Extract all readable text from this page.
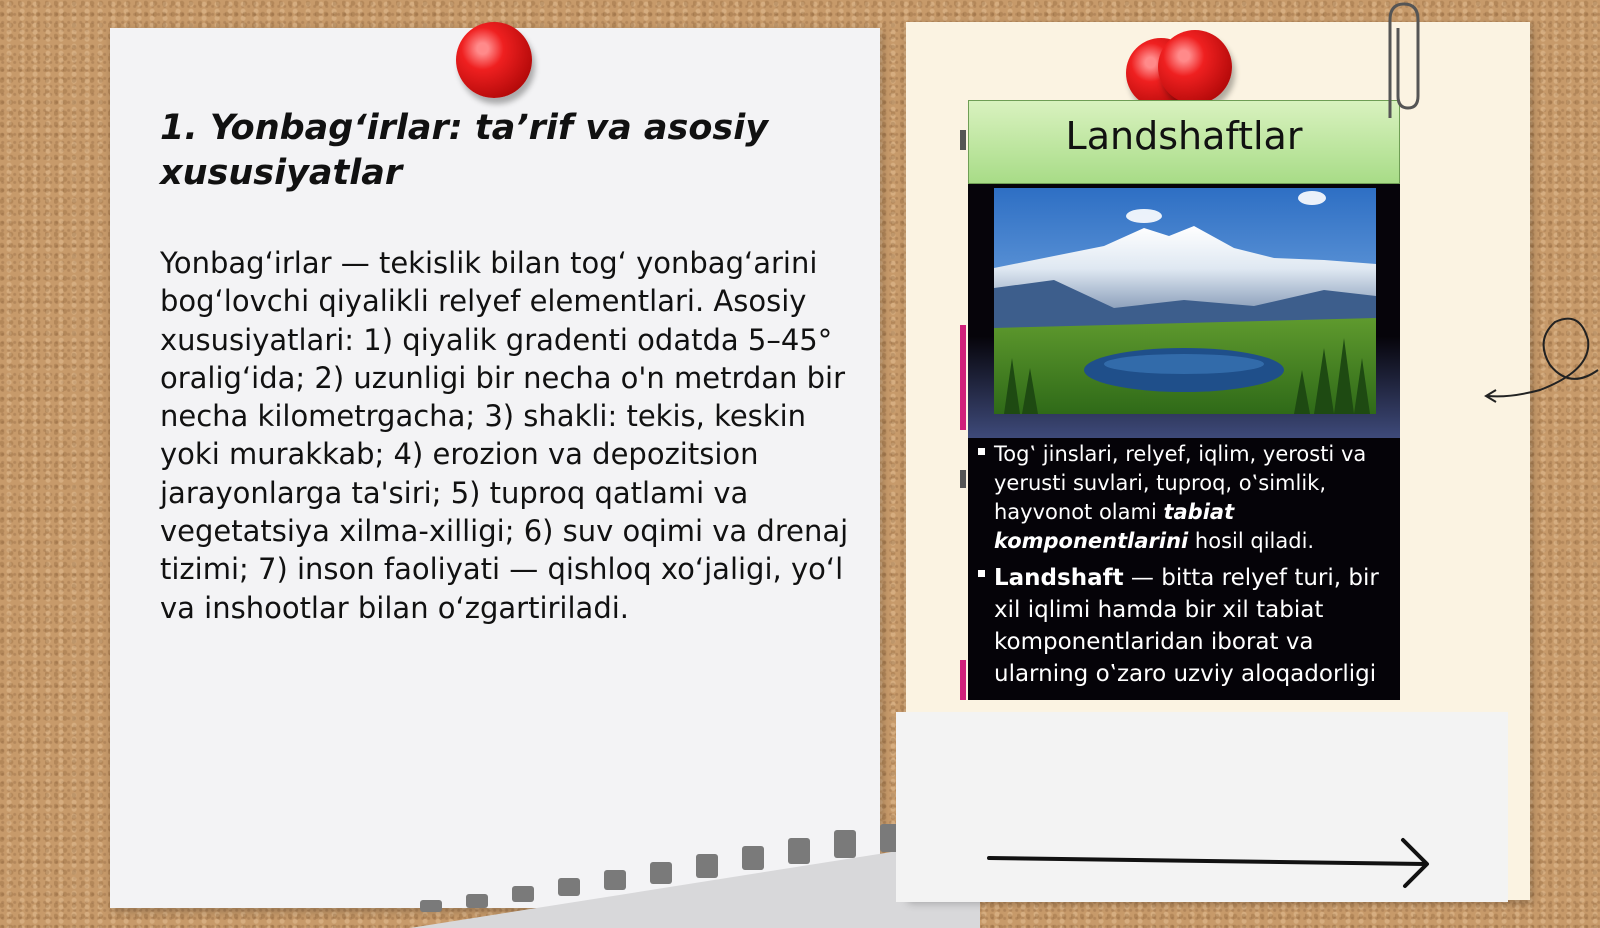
1. Yonbag‘irlar: ta’rif va asosiy xususiyatlar
Yonbag‘irlar — tekislik bilan tog‘ yonbag‘arini bog‘lovchi qiyalikli relyef elementlari. Asosiy xususiyatlari: 1) qiyalik gradenti odatda 5–45° oralig‘ida; 2) uzunligi bir necha o'n metrdan bir necha kilometrgacha; 3) shakli: tekis, keskin yoki murakkab; 4) erozion va depozitsion jarayonlarga ta'siri; 5) tuproq qatlami va vegetatsiya xilma-xilligi; 6) suv oqimi va drenaj tizimi; 7) inson faoliyati — qishloq xo‘jaligi, yo‘l va inshootlar bilan o‘zgartiriladi.
Landshaftlar
Tog‛ jinslari, relyef, iqlim, yerosti va yerusti suvlari, tuproq, o‛simlik, hayvonot olami tabiat komponentlarini hosil qiladi.
Landshaft — bitta relyef turi, bir xil iqlimi hamda bir xil tabiat komponentlaridan iborat va ularning o‛zaro uzviy aloqadorligi
